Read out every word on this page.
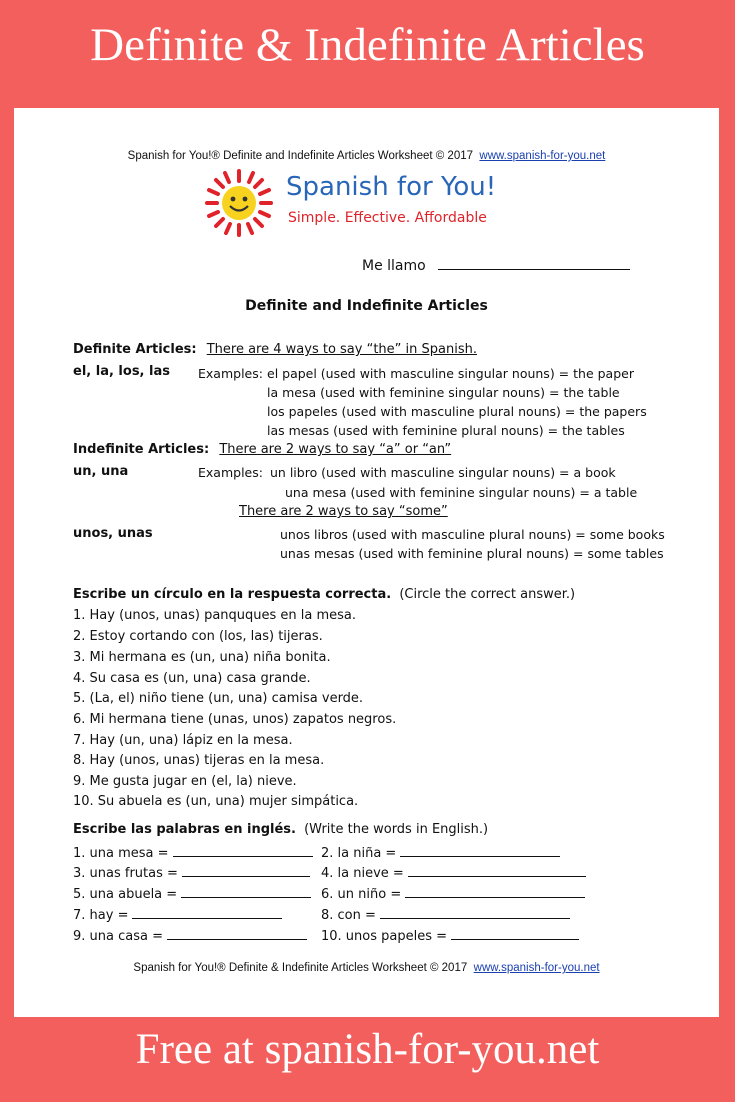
Definite & Indefinite Articles
Spanish for You!® Definite and Indefinite Articles Worksheet © 2017 www.spanish-for-you.net
Spanish for You!
Simple. Effective. Affordable
Me llamo
Definite and Indefinite Articles
Definite Articles: There are 4 ways to say “the” in Spanish.
el, la, los, las Examples: el papel (used with masculine singular nouns) = the paper
la mesa (used with feminine singular nouns) = the table
los papeles (used with masculine plural nouns) = the papers
las mesas (used with feminine plural nouns) = the tables
Indefinite Articles: There are 2 ways to say “a” or “an”
un, una	Examples: un libro (used with masculine singular nouns) = a book
una mesa (used with feminine singular nouns) = a table
There are 2 ways to say “some”
unos, unas	unos libros (used with masculine plural nouns) = some books
unas mesas (used with feminine plural nouns) = some tables
Escribe un círculo en la respuesta correcta. (Circle the correct answer.)
1. Hay (unos, unas) panquques en la mesa.
2. Estoy cortando con (los, las) tijeras.
3. Mi hermana es (un, una) niña bonita.
4. Su casa es (un, una) casa grande.
5. (La, el) niño tiene (un, una) camisa verde.
6. Mi hermana tiene (unas, unos) zapatos negros.
7. Hay (un, una) lápiz en la mesa.
8. Hay (unos, unas) tijeras en la mesa.
9. Me gusta jugar en (el, la) nieve.
10. Su abuela es (un, una) mujer simpática.
Escribe las palabras en inglés. (Write the words in English.)
1. una mesa =	2. la niña =
3. unas frutas =	4. la nieve =
5. una abuela =	6. un niño =
7. hay =	8. con =
9. una casa =	10. unos papeles =
Spanish for You!® Definite & Indefinite Articles Worksheet © 2017 www.spanish-for-you.net
Free at spanish-for-you.net
